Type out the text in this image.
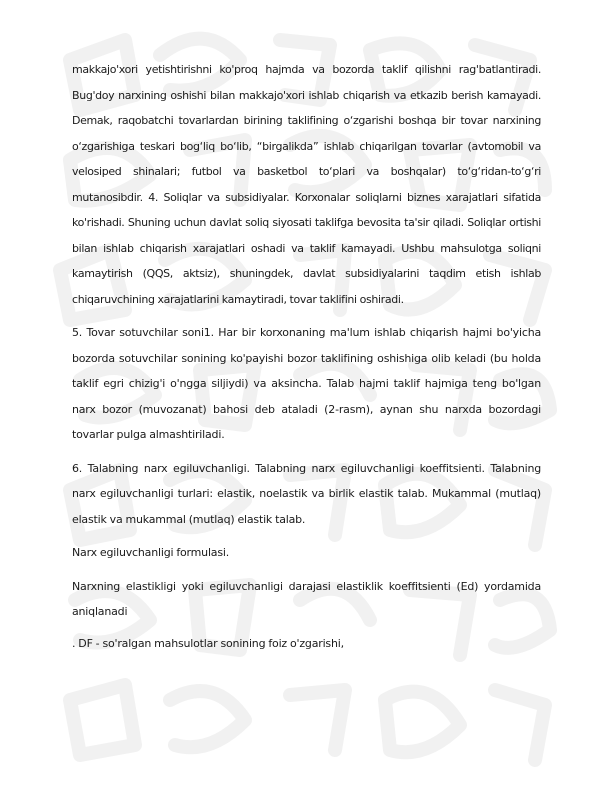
makkajo'xori yetishtirishni ko'proq hajmda va bozorda taklif qilishni rag'batlantiradi. Bug'doy narxining oshishi bilan makkajo'xori ishlab chiqarish va etkazib berish kamayadi. Demak, raqobatchi tovarlardan birining taklifining o‘zgarishi boshqa bir tovar narxining o‘zgarishiga teskari bog‘liq bo‘lib, “birgalikda” ishlab chiqarilgan tovarlar (avtomobil va velosiped shinalari; futbol va basketbol to‘plari va boshqalar) to‘g‘ridan-to‘g‘ri mutanosibdir. 4. Soliqlar va subsidiyalar. Korxonalar soliqlarni biznes xarajatlari sifatida ko'rishadi. Shuning uchun davlat soliq siyosati taklifga bevosita ta'sir qiladi. Soliqlar ortishi bilan ishlab chiqarish xarajatlari oshadi va taklif kamayadi. Ushbu mahsulotga soliqni kamaytirish (QQS, aktsiz), shuningdek, davlat subsidiyalarini taqdim etish ishlab chiqaruvchining xarajatlarini kamaytiradi, tovar taklifini oshiradi.

5. Tovar sotuvchilar soni1. Har bir korxonaning ma'lum ishlab chiqarish hajmi bo'yicha bozorda sotuvchilar sonining ko'payishi bozor taklifining oshishiga olib keladi (bu holda taklif egri chizig'i o'ngga siljiydi) va aksincha. Talab hajmi taklif hajmiga teng bo'lgan narx bozor (muvozanat) bahosi deb ataladi (2-rasm), aynan shu narxda bozordagi tovarlar pulga almashtiriladi.

6. Talabning narx egiluvchanligi. Talabning narx egiluvchanligi koeffitsienti. Talabning narx egiluvchanligi turlari: elastik, noelastik va birlik elastik talab. Mukammal (mutlaq) elastik va mukammal (mutlaq) elastik talab.

Narx egiluvchanligi formulasi.

Narxning elastikligi yoki egiluvchanligi darajasi elastiklik koeffitsienti (Ed) yordamida aniqlanadi

. DF - so'ralgan mahsulotlar sonining foiz o'zgarishi,
